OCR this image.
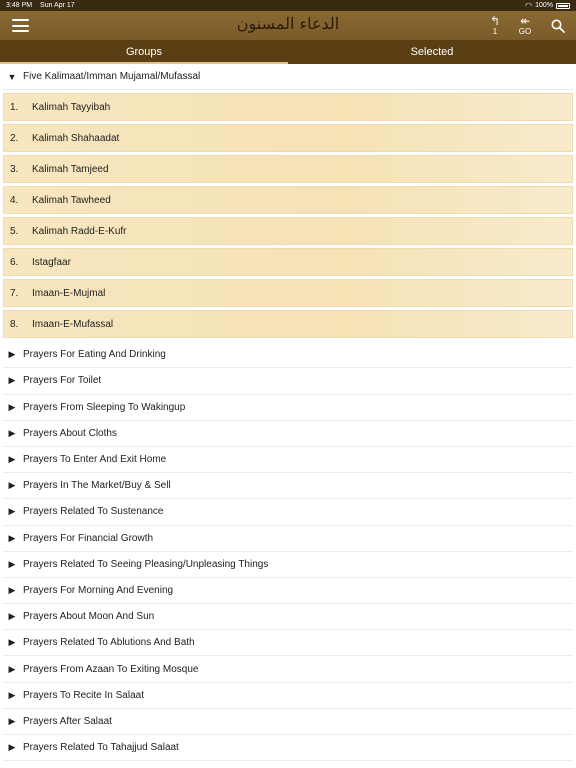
3:48 PM Sun Apr 17	◠ 100%
الدعاء المسنون	↰
1
↞
GO
Groups	Selected
▼ Five Kalimaat/Imman Mujamal/Mufassal
1.	Kalimah Tayyibah
2.	Kalimah Shahaadat
3.	Kalimah Tamjeed
4.	Kalimah Tawheed
5.	Kalimah Radd-E-Kufr
6.	Istagfaar
7.	Imaan-E-Mujmal
8.	Imaan-E-Mufassal
▶ Prayers For Eating And Drinking
▶ Prayers For Toilet
▶ Prayers From Sleeping To Wakingup
▶ Prayers About Cloths
▶ Prayers To Enter And Exit Home
▶ Prayers In The Market/Buy & Sell
▶ Prayers Related To Sustenance
▶ Prayers For Financial Growth
▶ Prayers Related To Seeing Pleasing/Unpleasing Things
▶ Prayers For Morning And Evening
▶ Prayers About Moon And Sun
▶ Prayers Related To Ablutions And Bath
▶ Prayers From Azaan To Exiting Mosque
▶ Prayers To Recite In Salaat
▶ Prayers After Salaat
▶ Prayers Related To Tahajjud Salaat
